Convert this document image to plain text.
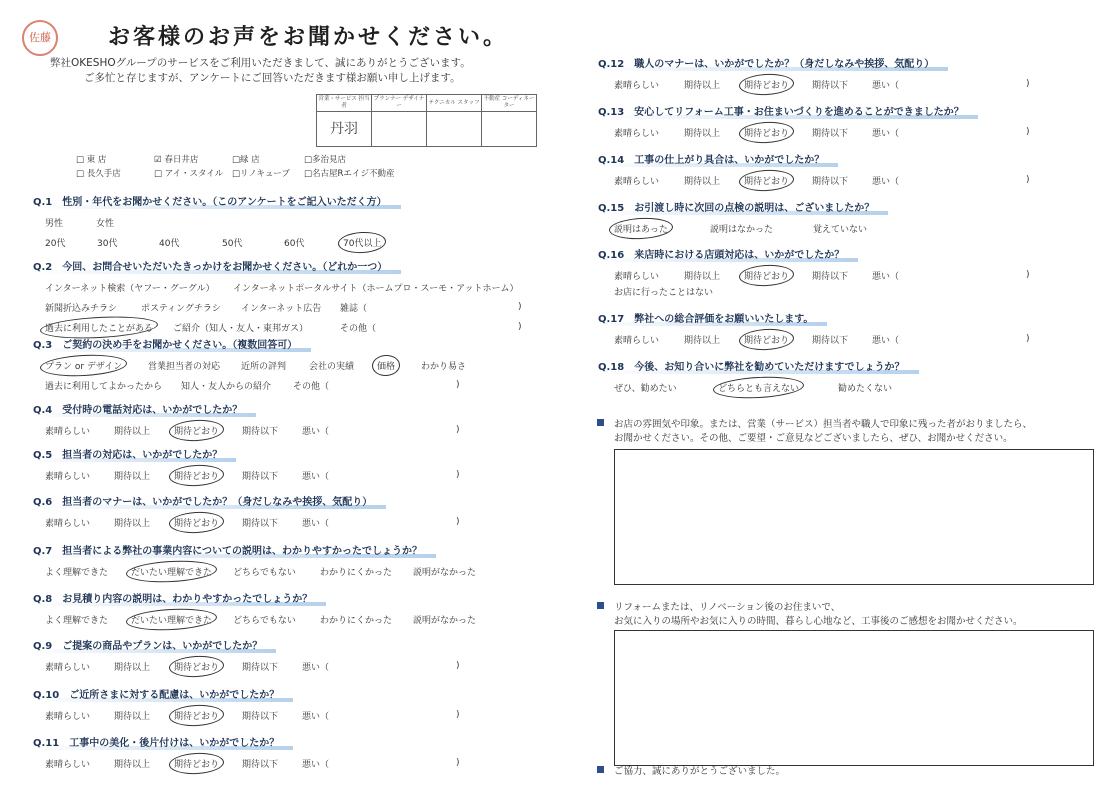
佐藤	お客様のお声をお聞かせください。
弊社OKESHOグループのサービスをご利用いただきまして、誠にありがとうございます。
ご多忙と存じますが、アンケートにご回答いただきます様お願い申し上げます。
営業・サービス 担当者	プランナー デザイナー	テクニカル スタッフ	不動産 コーディネーター
丹羽			
□ 東 店	☑ 春日井店	□緑 店	□多治見店
□ 長久手店	□ アイ・スタイル	□リノキューブ	□名古屋Rエイジ不動産
Q.1　性別・年代をお聞かせください。（このアンケートをご記入いただく方）
男性	女性
20代	30代	40代	50代	60代	70代以上
Q.2　今回、お問合せいただいたきっかけをお聞かせください。（どれか一つ）
インターネット検索（ヤフー・グーグル） インターネットポータルサイト（ホームプロ・スーモ・アットホーム）
新聞折込みチラシ	ポスティングチラシ インターネット広告 雑誌（	)
過去に利用したことがある ご紹介（知人・友人・東邦ガス）	その他（	)
Q.3　ご契約の決め手をお聞かせください。（複数回答可）
プラン or デザイン	営業担当者の対応 近所の評判	会社の実績	価格	わかり易さ
過去に利用してよかったから 知人・友人からの紹介 その他（	)
Q.4　受付時の電話対応は、いかがでしたか？
素晴らしい	期待以上	期待どおり	期待以下	悪い（	)
Q.5　担当者の対応は、いかがでしたか？
素晴らしい	期待以上	期待どおり	期待以下	悪い（	)
Q.6　担当者のマナーは、いかがでしたか？（身だしなみや挨拶、気配り）
素晴らしい	期待以上	期待どおり	期待以下	悪い（	)
Q.7　担当者による弊社の事業内容についての説明は、わかりやすかったでしょうか？
よく理解できた	だいたい理解できた どちらでもない	わかりにくかった 説明がなかった
Q.8　お見積り内容の説明は、わかりやすかったでしょうか？
よく理解できた	だいたい理解できた どちらでもない	わかりにくかった 説明がなかった
Q.9　ご提案の商品やプランは、いかがでしたか？
素晴らしい	期待以上	期待どおり	期待以下	悪い（	)
Q.10　ご近所さまに対する配慮は、いかがでしたか？
素晴らしい	期待以上	期待どおり	期待以下	悪い（	)
Q.11　工事中の美化・後片付けは、いかがでしたか？
素晴らしい	期待以上	期待どおり	期待以下	悪い（	)
Q.12　職人のマナーは、いかがでしたか？（身だしなみや挨拶、気配り）
素晴らしい	期待以上	期待どおり	期待以下	悪い（	)
Q.13　安心してリフォーム工事・お住まいづくりを進めることができましたか？
素晴らしい	期待以上	期待どおり	期待以下	悪い（	)
Q.14　工事の仕上がり具合は、いかがでしたか？
素晴らしい	期待以上	期待どおり	期待以下	悪い（	)
Q.15　お引渡し時に次回の点検の説明は、ございましたか？
説明はあった	説明はなかった	覚えていない
Q.16　来店時における店頭対応は、いかがでしたか？
素晴らしい	期待以上	期待どおり	期待以下	悪い（	)
お店に行ったことはない
Q.17　弊社への総合評価をお願いいたします。
素晴らしい	期待以上	期待どおり	期待以下	悪い（	)
Q.18　今後、お知り合いに弊社を勧めていただけますでしょうか？
ぜひ、勧めたい	どちらとも言えない	勧めたくない
お店の雰囲気や印象。または、営業（サービス）担当者や職人で印象に残った者がおりましたら、
お聞かせください。その他、ご要望・ご意見などございましたら、ぜひ、お聞かせください。
リフォームまたは、リノベーション後のお住まいで、
お気に入りの場所やお気に入りの時間、暮らし心地など、工事後のご感想をお聞かせください。
ご協力、誠にありがとうございました。
